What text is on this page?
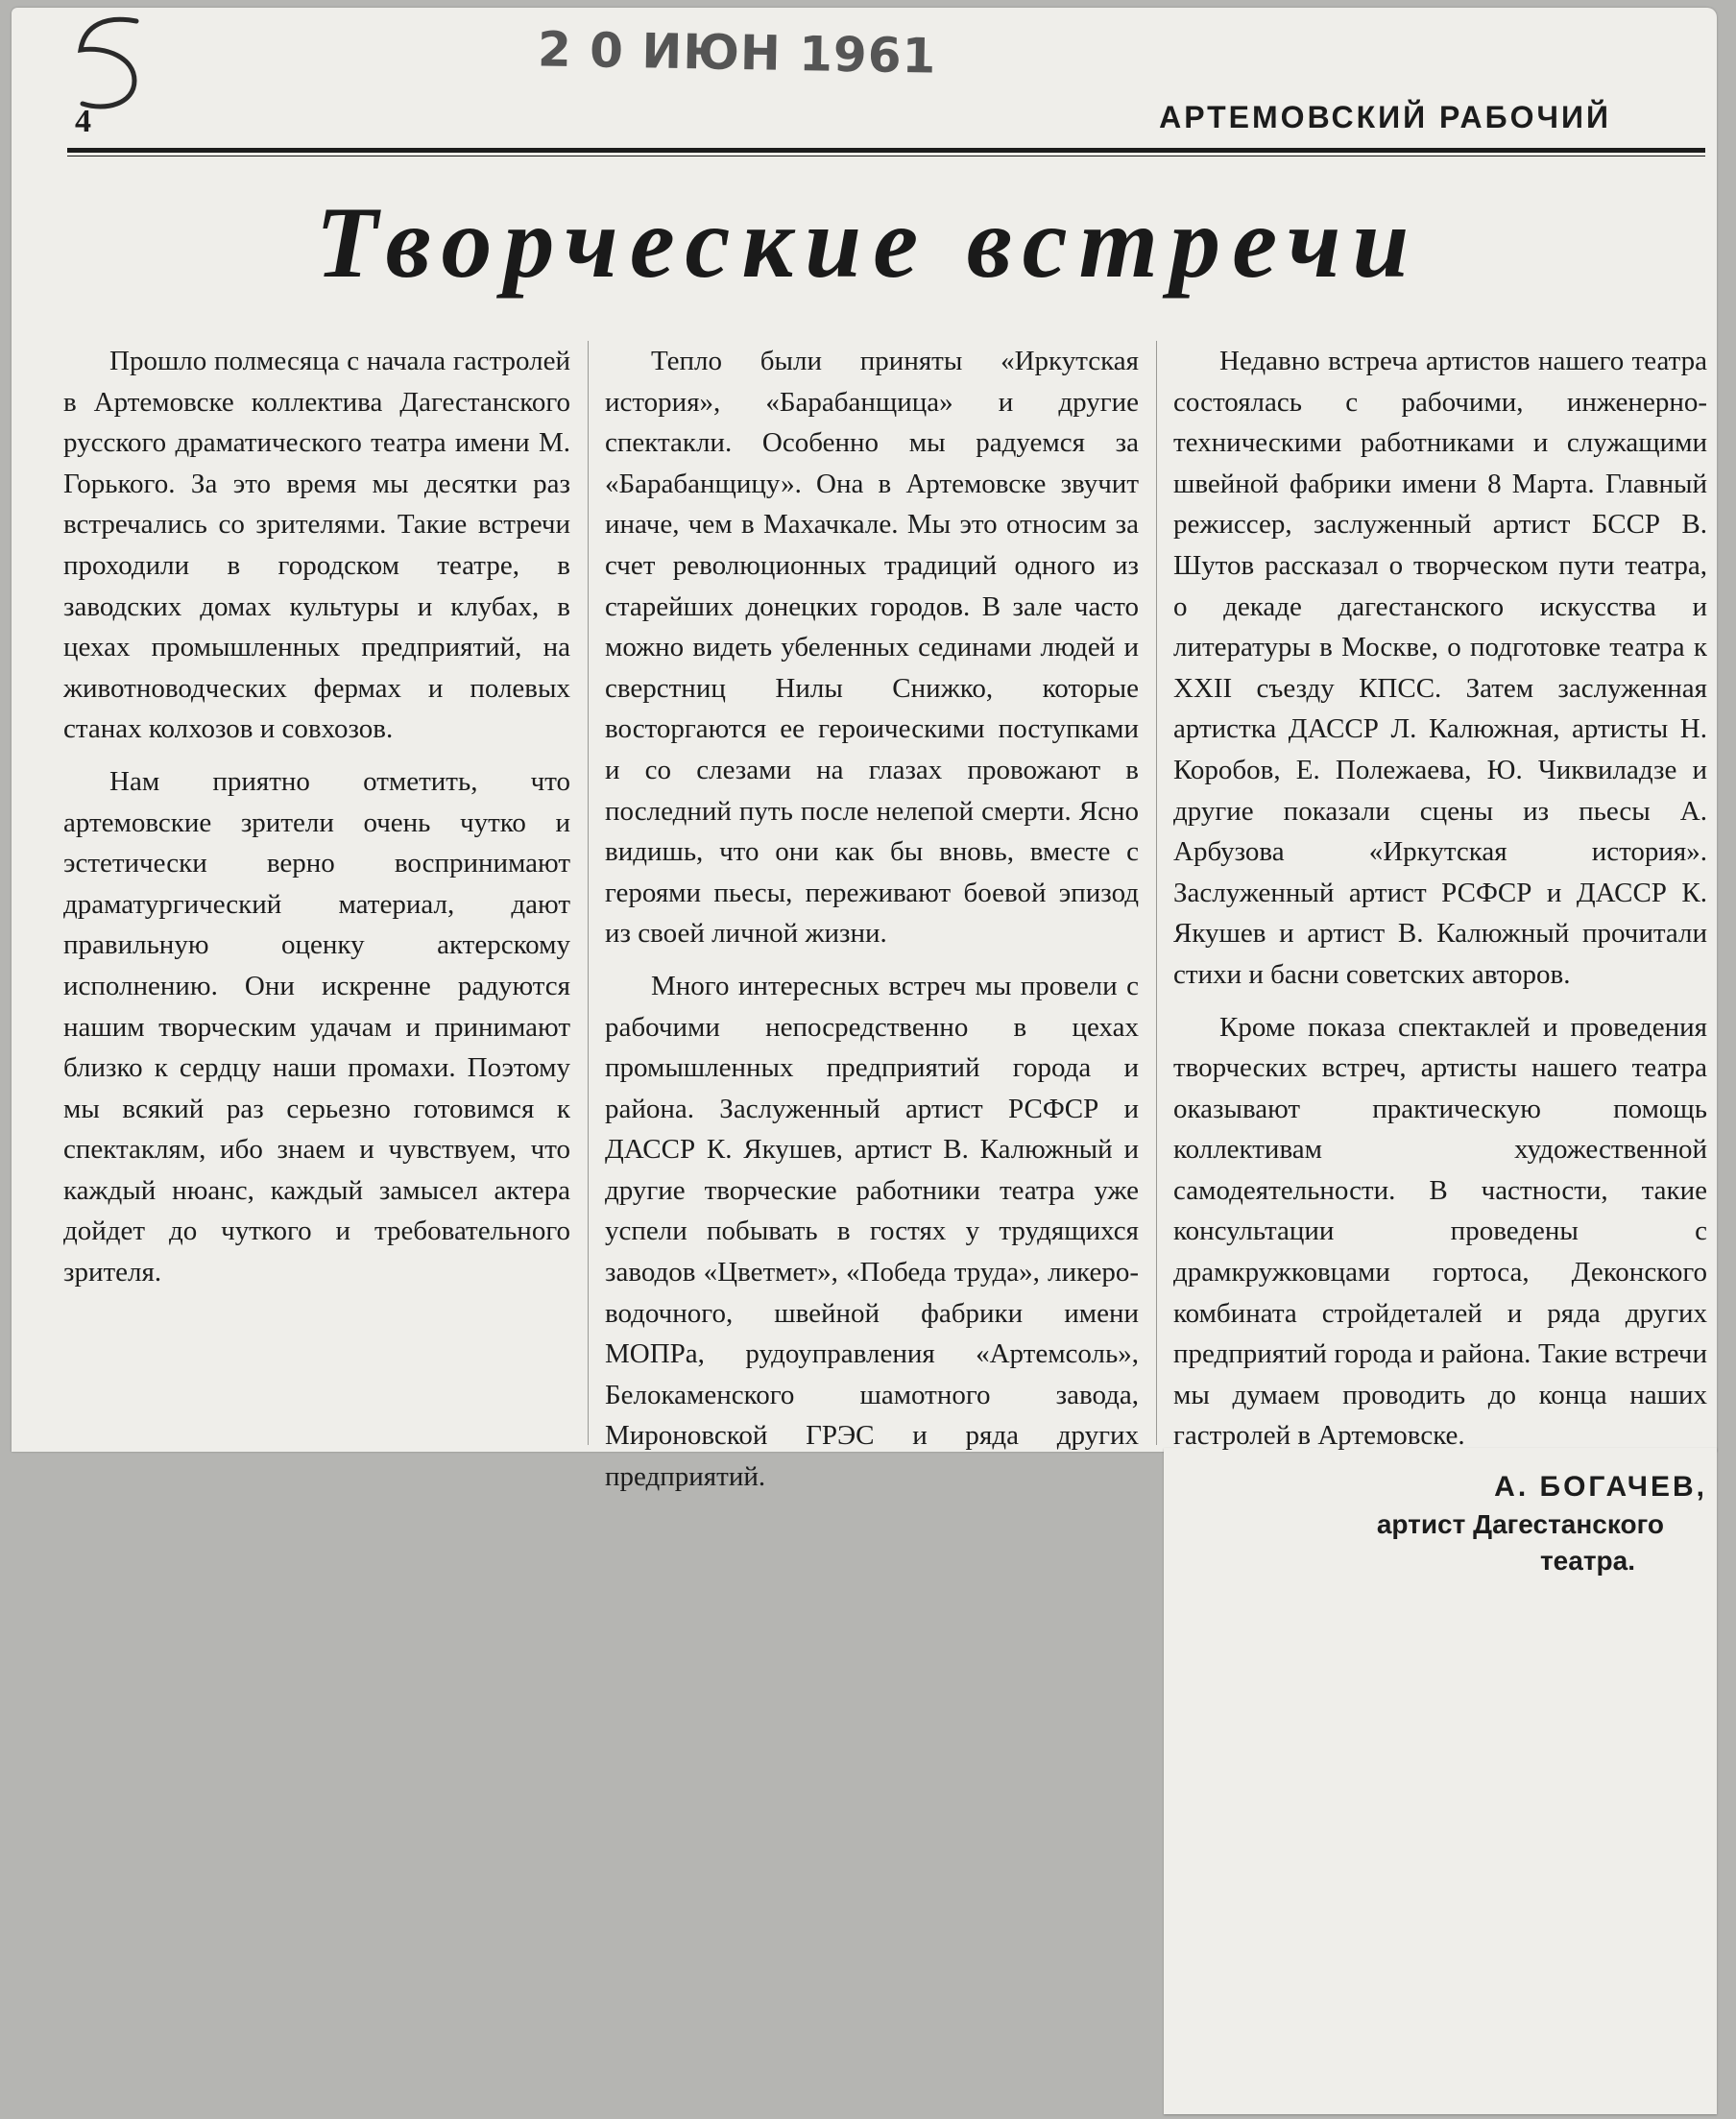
2 0 ИЮН 1961
4	АРТЕМОВСКИЙ РАБОЧИЙ
Творческие встречи

Прошло полмесяца с начала гастролей в Артемовске коллектива Дагестанского русского драматического театра имени М. Горького. За это время мы десятки раз встречались со зрителями. Такие встречи проходили в городском театре, в заводских домах культуры и клубах, в цехах промышленных предприятий, на животноводческих фермах и полевых станах колхозов и совхозов.

Нам приятно отметить, что артемовские зрители очень чутко и эстетически верно воспринимают драматургический материал, дают правильную оценку актерскому исполнению. Они искренне радуются нашим творческим удачам и принимают близко к сердцу наши промахи. Поэтому мы всякий раз серьезно готовимся к спектаклям, ибо знаем и чувствуем, что каждый нюанс, каждый замысел актера дойдет до чуткого и требовательного зрителя.

Тепло были приняты «Иркутская история», «Барабанщица» и другие спектакли. Особенно мы радуемся за «Барабанщицу». Она в Артемовске звучит иначе, чем в Махачкале. Мы это относим за счет революционных традиций одного из старейших донецких городов. В зале часто можно видеть убеленных сединами людей и сверстниц Нилы Снижко, которые восторгаются ее героическими поступками и со слезами на глазах провожают в последний путь после нелепой смерти. Ясно видишь, что они как бы вновь, вместе с героями пьесы, переживают боевой эпизод из своей личной жизни.

Много интересных встреч мы провели с рабочими непосредственно в цехах промышленных предприятий города и района. Заслуженный артист РСФСР и ДАССР К. Якушев, артист В. Калюжный и другие творческие работники театра уже успели побывать в гостях у трудящихся заводов «Цветмет», «Победа труда», ликеро-водочного, швейной фабрики имени МОПРа, рудоуправления «Артемсоль», Белокаменского шамотного завода, Мироновской ГРЭС и ряда других предприятий.

Недавно встреча артистов нашего театра состоялась с рабочими, инженерно-техническими работниками и служащими швейной фабрики имени 8 Марта. Главный режиссер, заслуженный артист БССР В. Шутов рассказал о творческом пути театра, о декаде дагестанского искусства и литературы в Москве, о подготовке театра к XXII съезду КПСС. Затем заслуженная артистка ДАССР Л. Калюжная, артисты Н. Коробов, Е. Полежаева, Ю. Чиквиладзе и другие показали сцены из пьесы А. Арбузова «Иркутская история». Заслуженный артист РСФСР и ДАССР К. Якушев и артист В. Калюжный прочитали стихи и басни советских авторов.

Кроме показа спектаклей и проведения творческих встреч, артисты нашего театра оказывают практическую помощь коллективам художественной самодеятельности. В частности, такие консультации проведены с драмкружковцами гортоса, Деконского комбината стройдеталей и ряда других предприятий города и района. Такие встречи мы думаем проводить до конца наших гастролей в Артемовске.

А. БОГАЧЕВ,
артист Дагестанского
театра.
